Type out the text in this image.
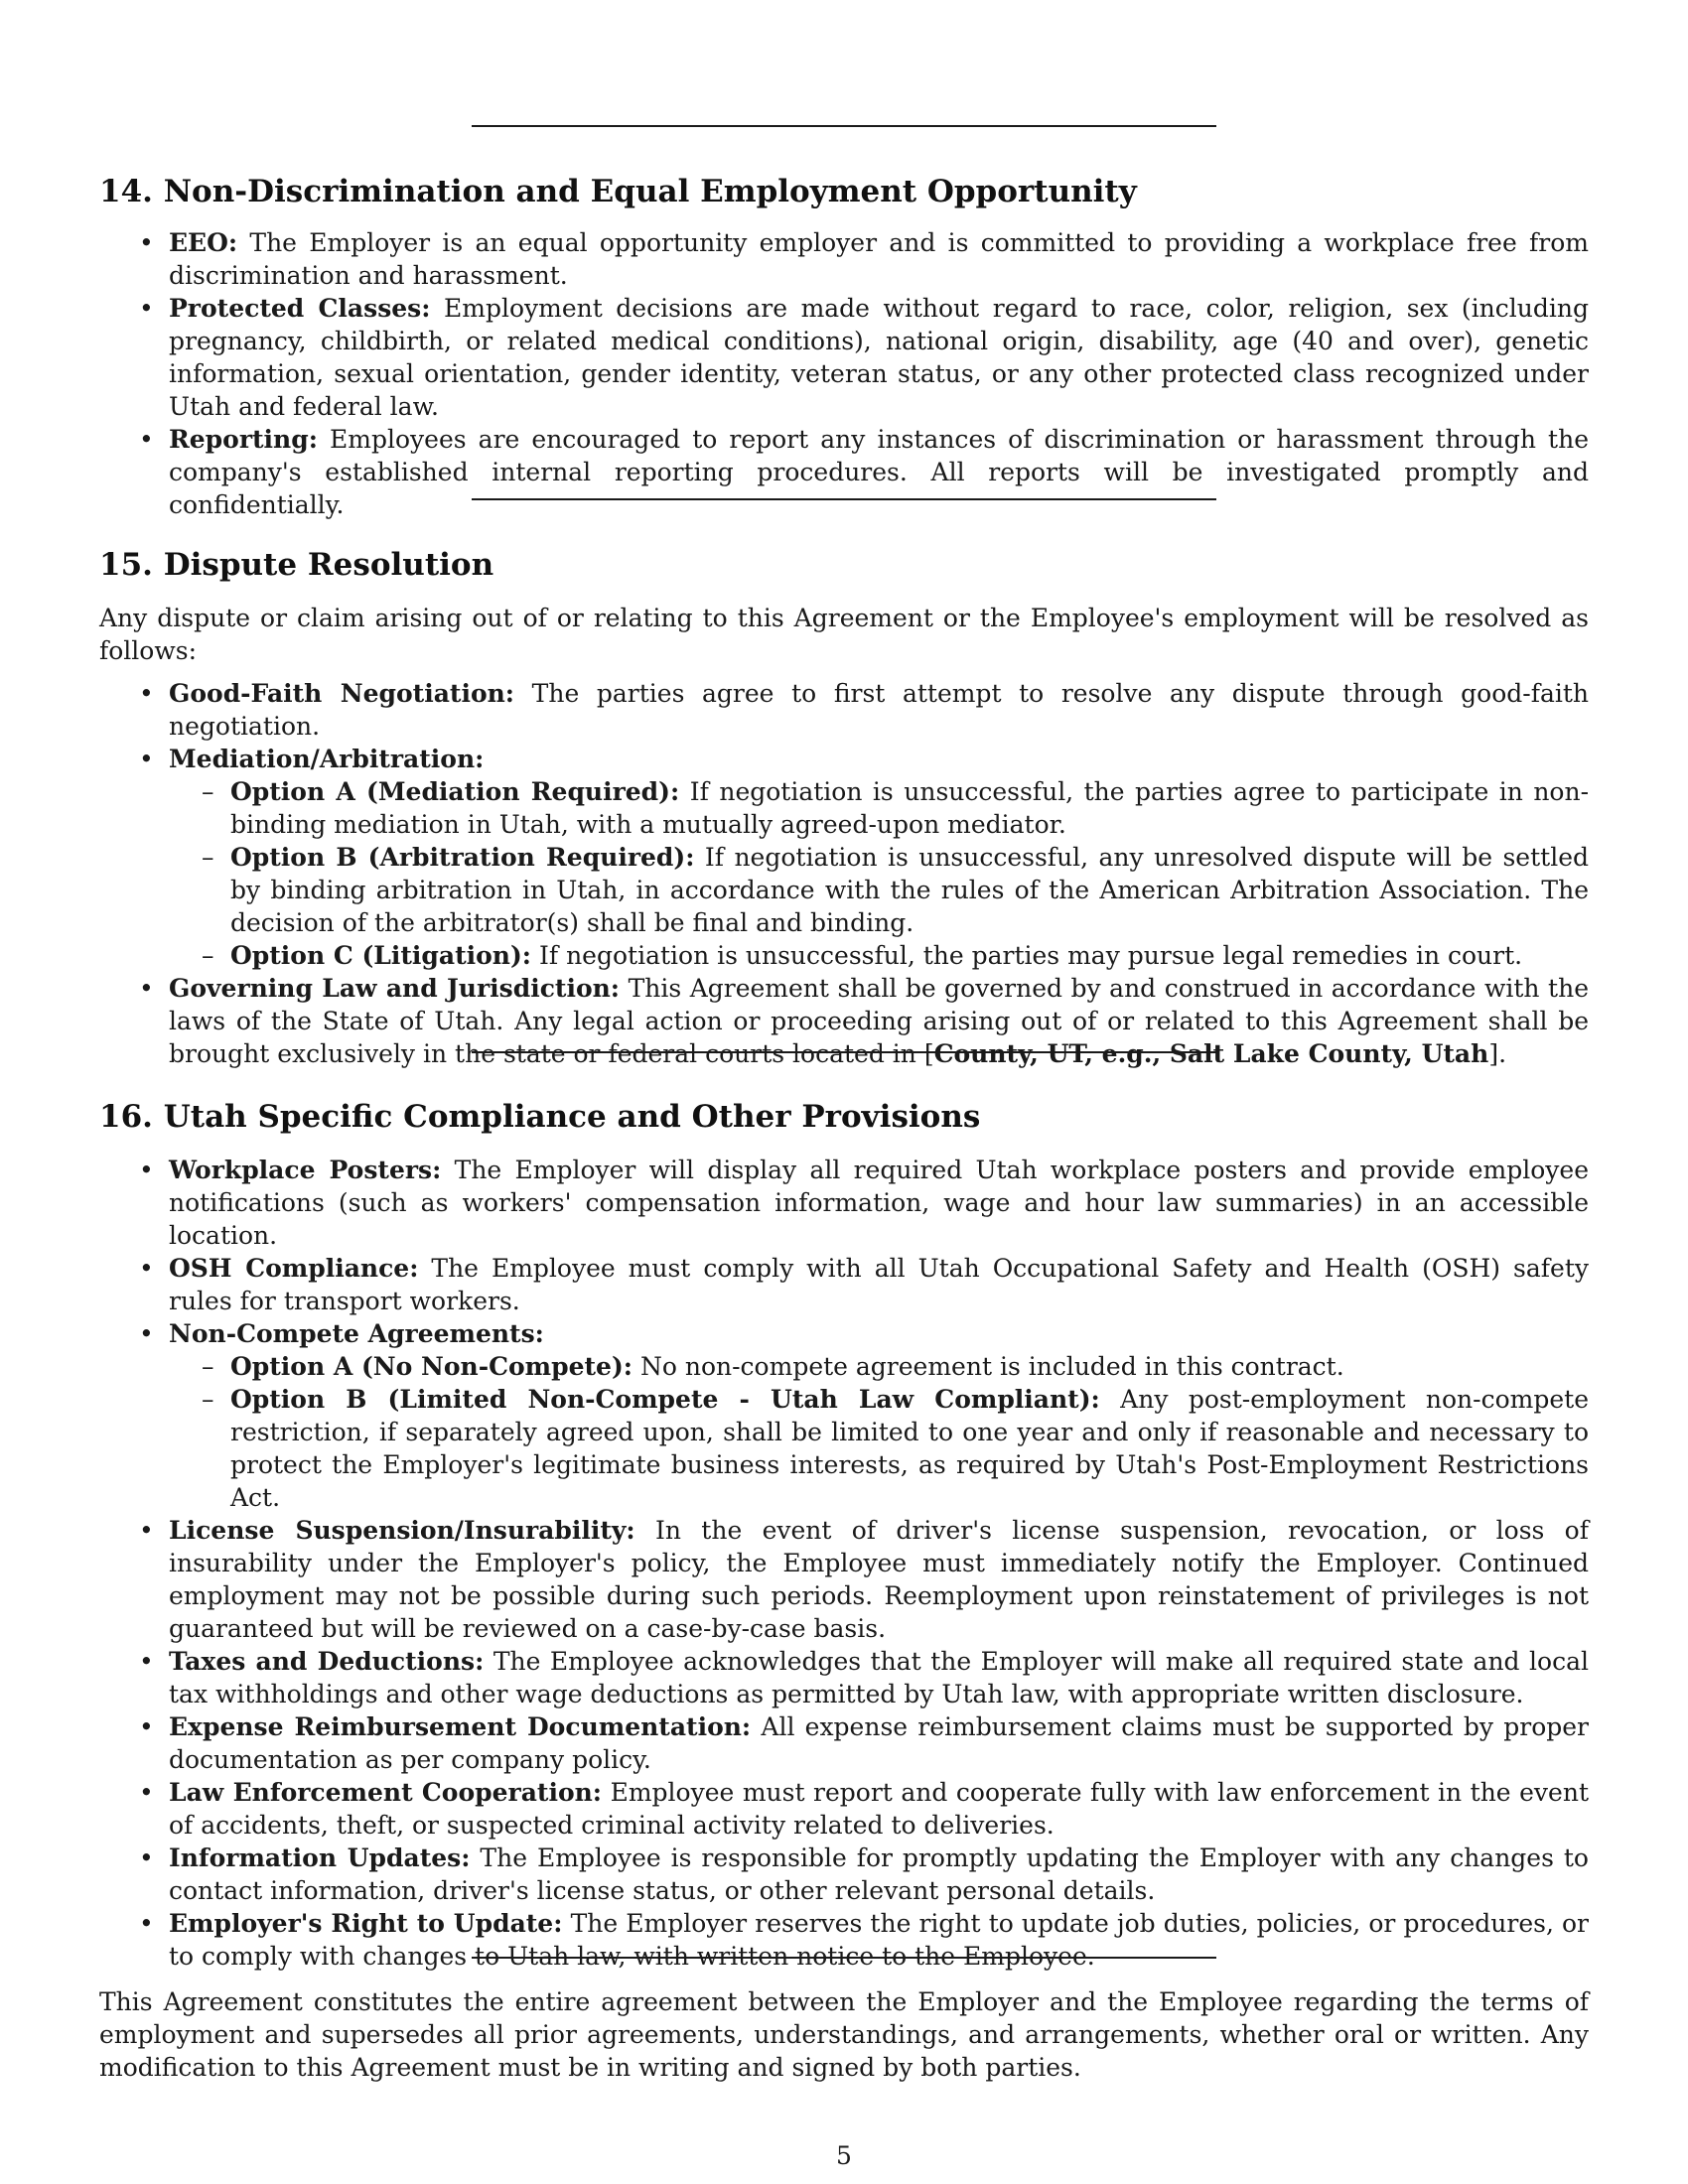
14. Non-Discrimination and Equal Employment Opportunity
• EEO: The Employer is an equal opportunity employer and is committed to providing a workplace free from discrimination and harassment.
• Protected Classes: Employment decisions are made without regard to race, color, religion, sex (including pregnancy, childbirth, or related medical conditions), national origin, disability, age (40 and over), genetic information, sexual orientation, gender identity, veteran status, or any other protected class recognized under Utah and federal law.
• Reporting: Employees are encouraged to report any instances of discrimination or harassment through the company's established internal reporting procedures. All reports will be investigated promptly and confidentially.
15. Dispute Resolution

Any dispute or claim arising out of or relating to this Agreement or the Employee's employment will be resolved as follows:

• Good-Faith Negotiation: The parties agree to first attempt to resolve any dispute through good-faith negotiation.
• Mediation/Arbitration:
– Option A (Mediation Required): If negotiation is unsuccessful, the parties agree to participate in non-binding mediation in Utah, with a mutually agreed-upon mediator.
– Option B (Arbitration Required): If negotiation is unsuccessful, any unresolved dispute will be settled by binding arbitration in Utah, in accordance with the rules of the American Arbitration Association. The decision of the arbitrator(s) shall be final and binding.
– Option C (Litigation): If negotiation is unsuccessful, the parties may pursue legal remedies in court.
• Governing Law and Jurisdiction: This Agreement shall be governed by and construed in accordance with the laws of the State of Utah. Any legal action or proceeding arising out of or related to this Agreement shall be brought exclusively in the state or federal courts located in [County, UT, e.g., Salt Lake County, Utah].
16. Utah Specific Compliance and Other Provisions
• Workplace Posters: The Employer will display all required Utah workplace posters and provide employee notifications (such as workers' compensation information, wage and hour law summaries) in an accessible location.
• OSH Compliance: The Employee must comply with all Utah Occupational Safety and Health (OSH) safety rules for transport workers.
• Non-Compete Agreements:
– Option A (No Non-Compete): No non-compete agreement is included in this contract.
– Option B (Limited Non-Compete - Utah Law Compliant): Any post-employment non-compete restriction, if separately agreed upon, shall be limited to one year and only if reasonable and necessary to protect the Employer's legitimate business interests, as required by Utah's Post-Employment Restrictions Act.
• License Suspension/Insurability: In the event of driver's license suspension, revocation, or loss of insurability under the Employer's policy, the Employee must immediately notify the Employer. Continued employment may not be possible during such periods. Reemployment upon reinstatement of privileges is not guaranteed but will be reviewed on a case-by-case basis.
• Taxes and Deductions: The Employee acknowledges that the Employer will make all required state and local tax withholdings and other wage deductions as permitted by Utah law, with appropriate written disclosure.
• Expense Reimbursement Documentation: All expense reimbursement claims must be supported by proper documentation as per company policy.
• Law Enforcement Cooperation: Employee must report and cooperate fully with law enforcement in the event of accidents, theft, or suspected criminal activity related to deliveries.
• Information Updates: The Employee is responsible for promptly updating the Employer with any changes to contact information, driver's license status, or other relevant personal details.
• Employer's Right to Update: The Employer reserves the right to update job duties, policies, or procedures, or to comply with changes to Utah law, with written notice to the Employee.

This Agreement constitutes the entire agreement between the Employer and the Employee regarding the terms of employment and supersedes all prior agreements, understandings, and arrangements, whether oral or written. Any modification to this Agreement must be in writing and signed by both parties.

5
